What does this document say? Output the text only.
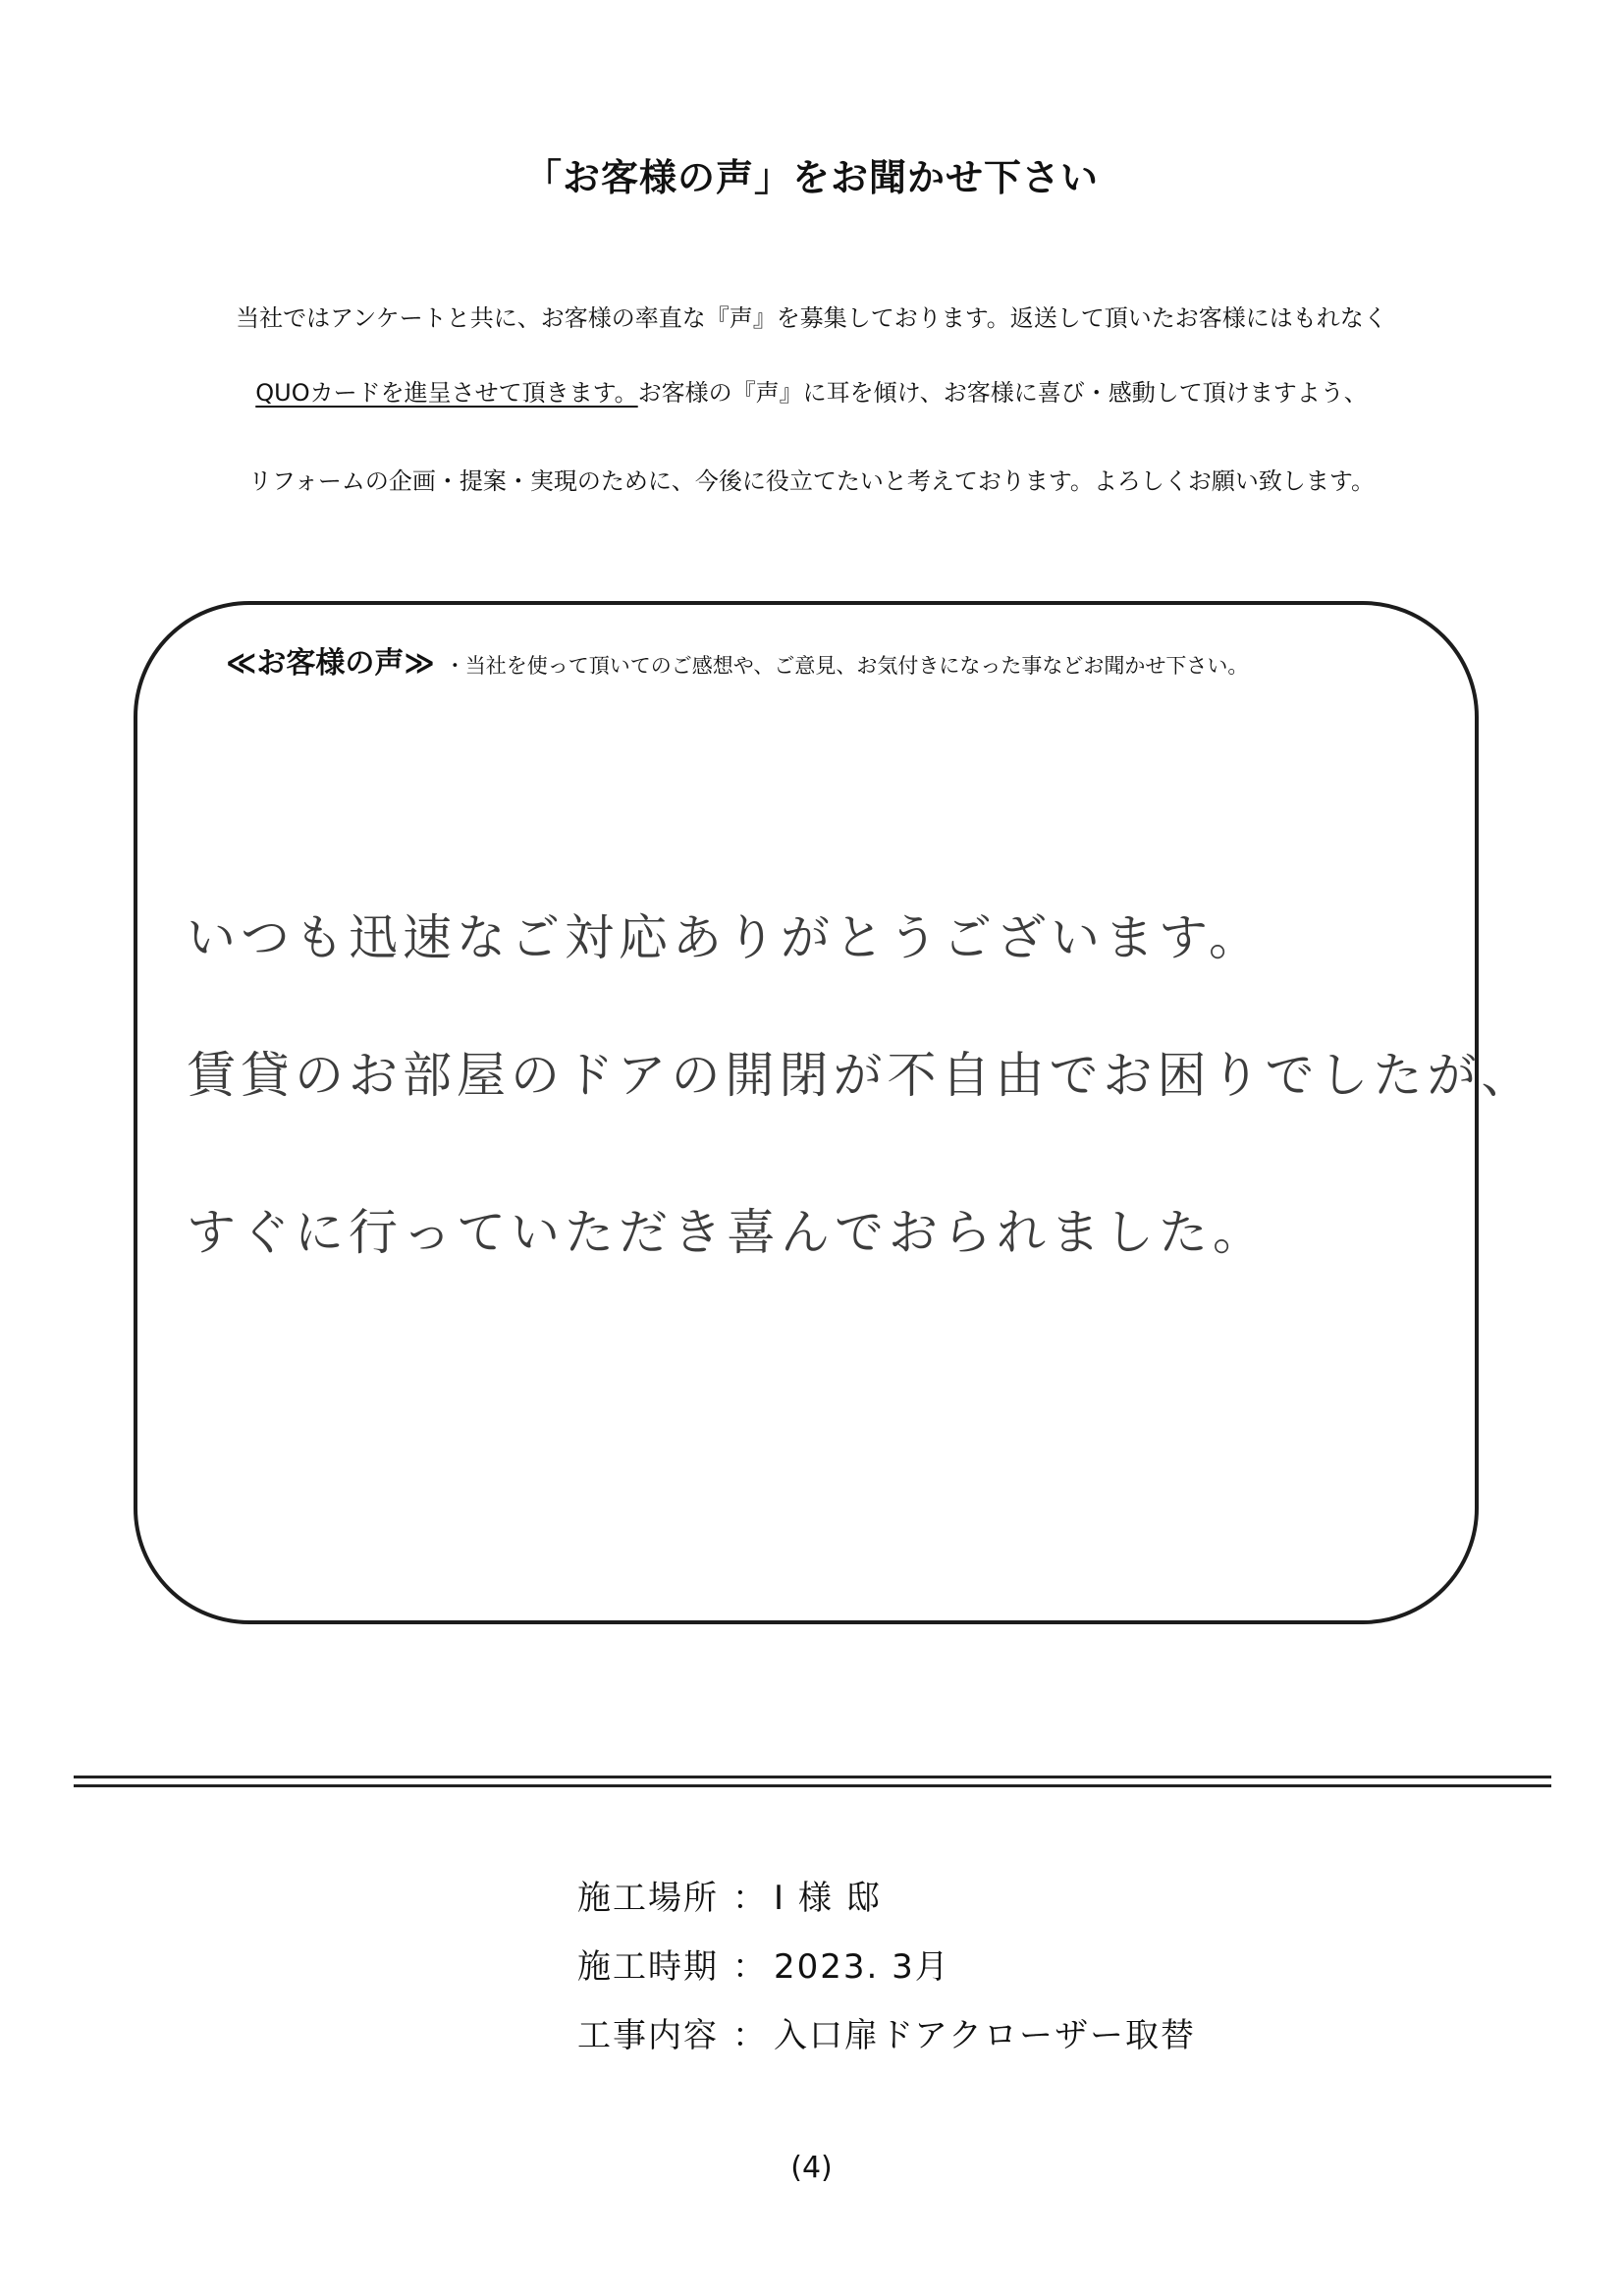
「お客様の声」をお聞かせ下さい
当社ではアンケートと共に、お客様の率直な『声』を募集しております。返送して頂いたお客様にはもれなく
QUOカードを進呈させて頂きます。お客様の『声』に耳を傾け、お客様に喜び・感動して頂けますよう、
リフォームの企画・提案・実現のために、今後に役立てたいと考えております。よろしくお願い致します。
≪お客様の声≫ ・当社を使って頂いてのご感想や、ご意見、お気付きになった事などお聞かせ下さい。
いつも迅速なご対応ありがとうございます。
賃貸のお部屋のドアの開閉が不自由でお困りでしたが、
すぐに行っていただき喜んでおられました。
施工場所 ： I 様 邸
施工時期 ： 2023. 3月
工事内容 ： 入口扉ドアクローザー取替
(4)
